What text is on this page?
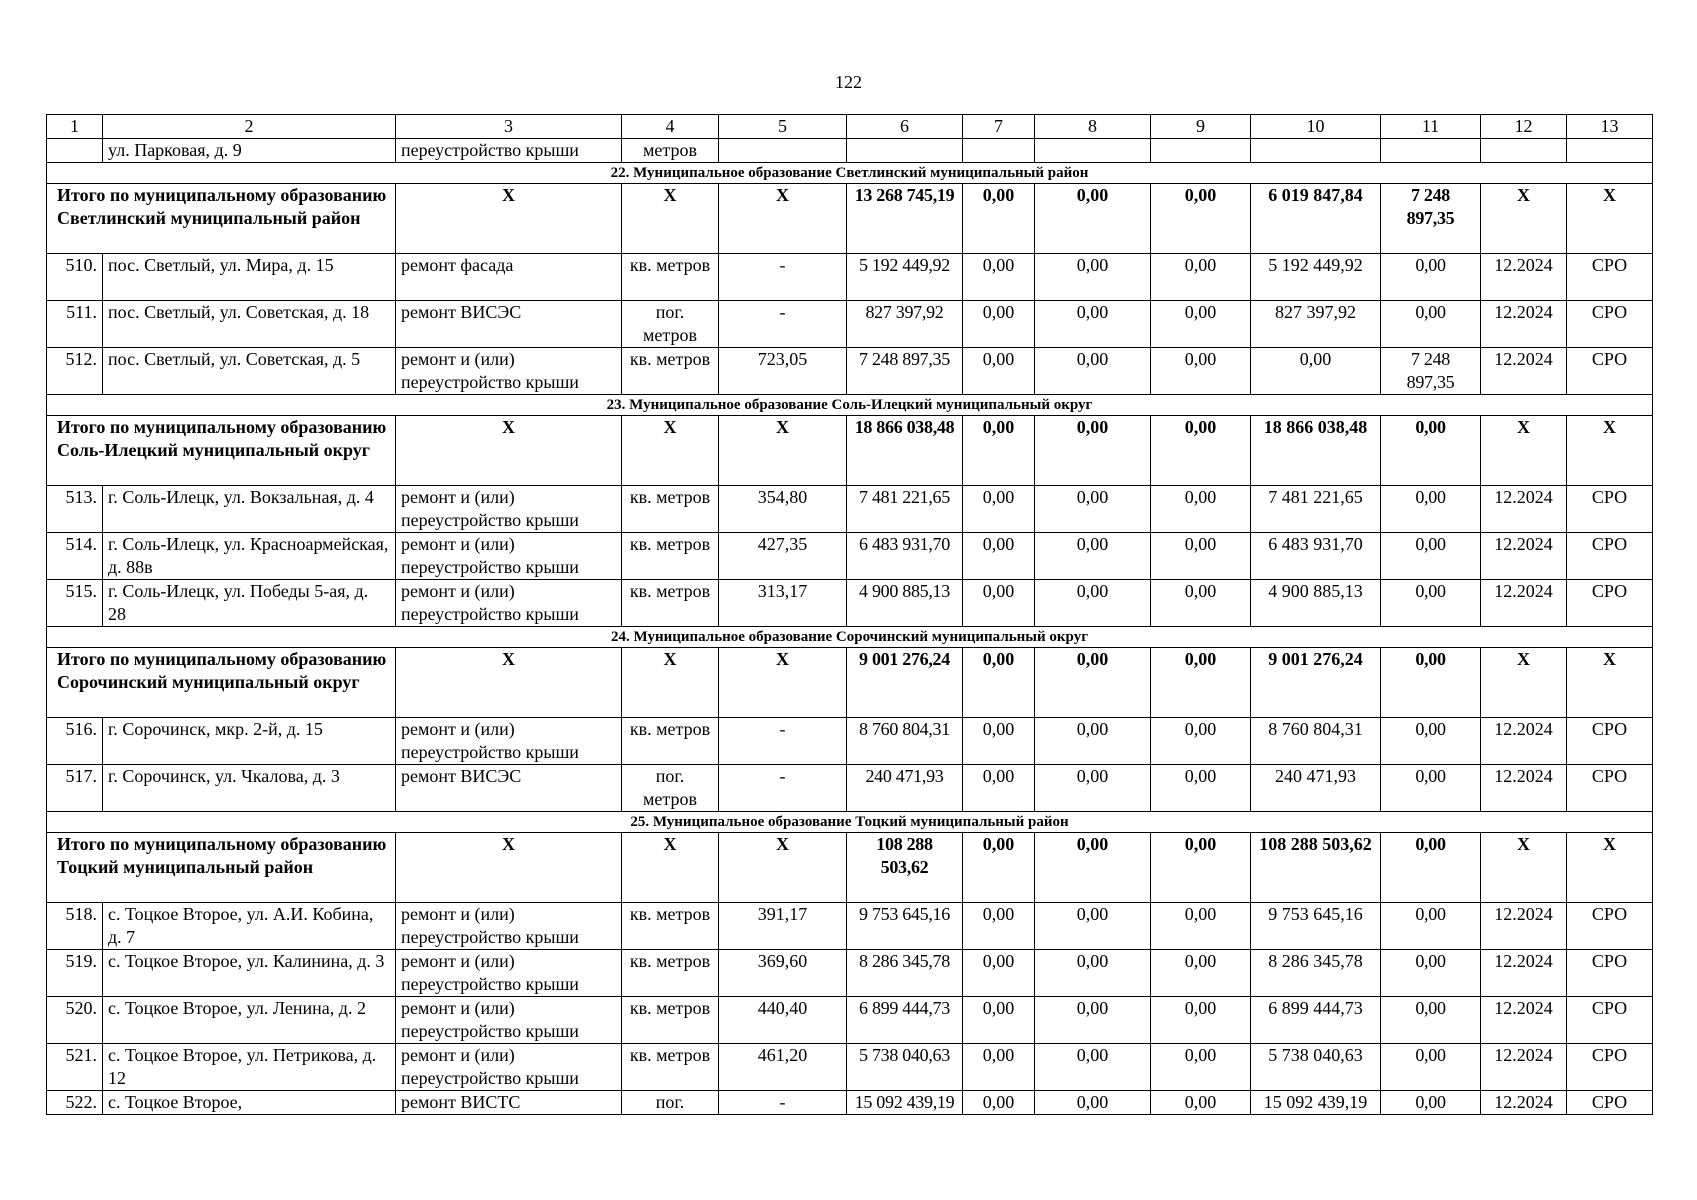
122
1	2	3	4	5	6	7	8	9	10	11	12	13
	ул. Парковая, д. 9	переустройство крыши	метров									
22. Муниципальное образование Светлинский муниципальный район												
Итого по муниципальному образованию Светлинский муниципальный район		Х	Х	Х	13 268 745,19	0,00	0,00	0,00	6 019 847,84	7 248 897,35	Х	Х
510.	пос. Светлый, ул. Мира, д. 15	ремонт фасада	кв. метров	-	5 192 449,92	0,00	0,00	0,00	5 192 449,92	0,00	12.2024	СРО
511.	пос. Светлый, ул. Советская, д. 18	ремонт ВИСЭС	пог. метров	-	827 397,92	0,00	0,00	0,00	827 397,92	0,00	12.2024	СРО
512.	пос. Светлый, ул. Советская, д. 5	ремонт и (или) переустройство крыши	кв. метров	723,05	7 248 897,35	0,00	0,00	0,00	0,00	7 248 897,35	12.2024	СРО
23. Муниципальное образование Соль-Илецкий муниципальный округ												
Итого по муниципальному образованию Соль-Илецкий муниципальный округ		Х	Х	Х	18 866 038,48	0,00	0,00	0,00	18 866 038,48	0,00	Х	Х
513.	г. Соль-Илецк, ул. Вокзальная, д. 4	ремонт и (или) переустройство крыши	кв. метров	354,80	7 481 221,65	0,00	0,00	0,00	7 481 221,65	0,00	12.2024	СРО
514.	г. Соль-Илецк, ул. Красноармейская, д. 88в	ремонт и (или) переустройство крыши	кв. метров	427,35	6 483 931,70	0,00	0,00	0,00	6 483 931,70	0,00	12.2024	СРО
515.	г. Соль-Илецк, ул. Победы 5-ая, д. 28	ремонт и (или) переустройство крыши	кв. метров	313,17	4 900 885,13	0,00	0,00	0,00	4 900 885,13	0,00	12.2024	СРО
24. Муниципальное образование Сорочинский муниципальный округ												
Итого по муниципальному образованию Сорочинский муниципальный округ		Х	Х	Х	9 001 276,24	0,00	0,00	0,00	9 001 276,24	0,00	Х	Х
516.	г. Сорочинск, мкр. 2-й, д. 15	ремонт и (или) переустройство крыши	кв. метров	-	8 760 804,31	0,00	0,00	0,00	8 760 804,31	0,00	12.2024	СРО
517.	г. Сорочинск, ул. Чкалова, д. 3	ремонт ВИСЭС	пог. метров	-	240 471,93	0,00	0,00	0,00	240 471,93	0,00	12.2024	СРО
25. Муниципальное образование Тоцкий муниципальный район												
Итого по муниципальному образованию Тоцкий муниципальный район		Х	Х	Х	108 288 503,62	0,00	0,00	0,00	108 288 503,62	0,00	Х	Х
518.	с. Тоцкое Второе, ул. А.И. Кобина, д. 7	ремонт и (или) переустройство крыши	кв. метров	391,17	9 753 645,16	0,00	0,00	0,00	9 753 645,16	0,00	12.2024	СРО
519.	с. Тоцкое Второе, ул. Калинина, д. 3	ремонт и (или) переустройство крыши	кв. метров	369,60	8 286 345,78	0,00	0,00	0,00	8 286 345,78	0,00	12.2024	СРО
520.	с. Тоцкое Второе, ул. Ленина, д. 2	ремонт и (или) переустройство крыши	кв. метров	440,40	6 899 444,73	0,00	0,00	0,00	6 899 444,73	0,00	12.2024	СРО
521.	с. Тоцкое Второе, ул. Петрикова, д. 12	ремонт и (или) переустройство крыши	кв. метров	461,20	5 738 040,63	0,00	0,00	0,00	5 738 040,63	0,00	12.2024	СРО
522.	с. Тоцкое Второе,	ремонт ВИСТС	пог.	-	15 092 439,19	0,00	0,00	0,00	15 092 439,19	0,00	12.2024	СРО
